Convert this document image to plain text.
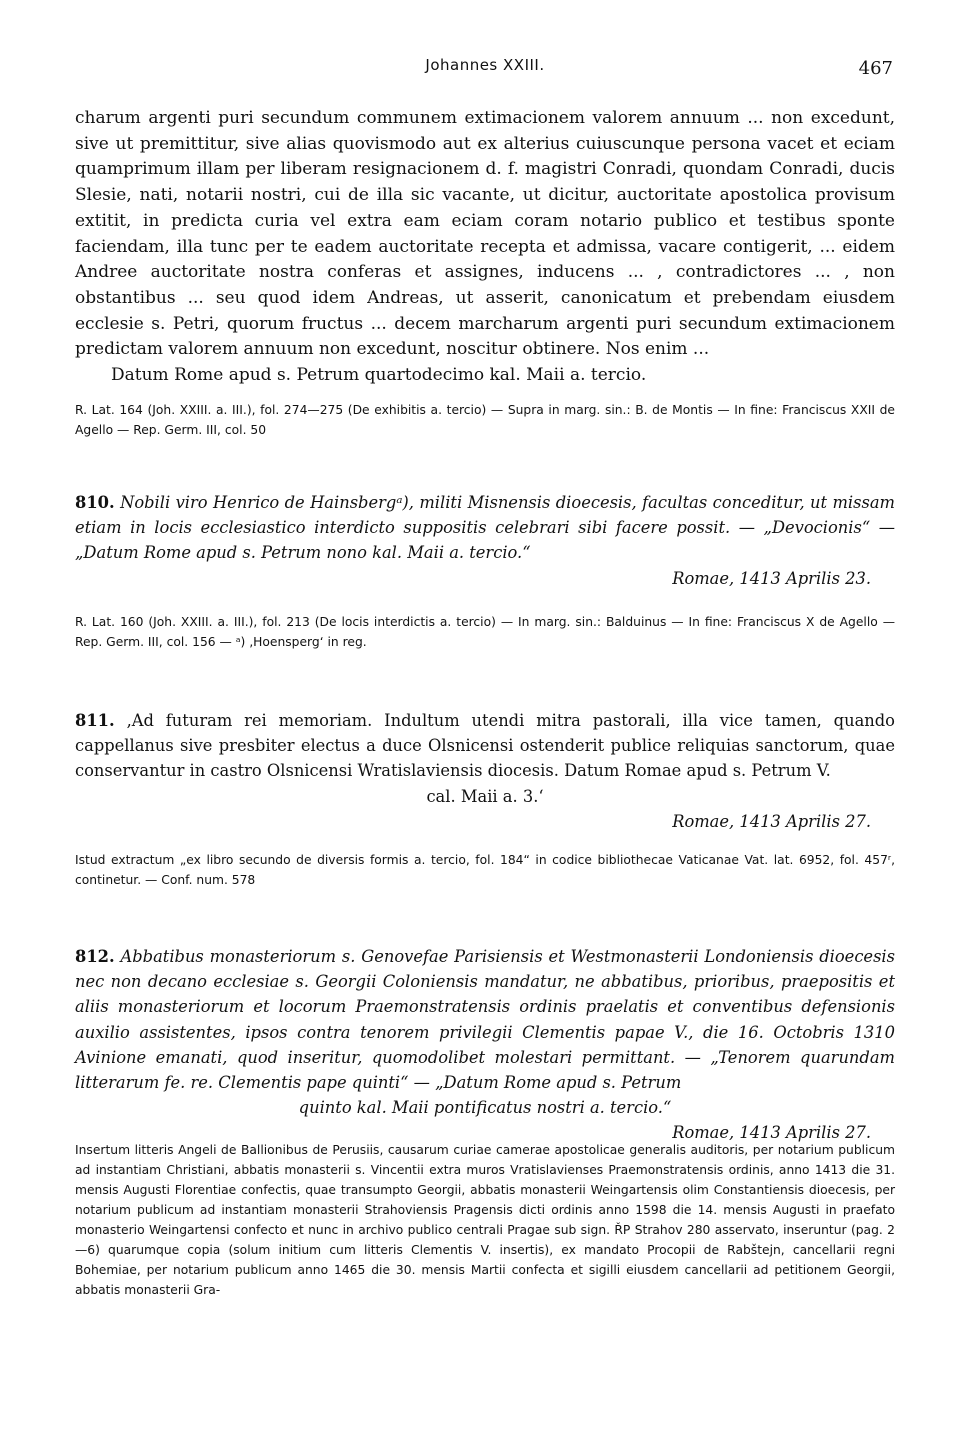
Johannes XXIII.	467

charum argenti puri secundum communem extimacionem valorem annuum ... non excedunt, sive ut premittitur, sive alias quovismodo aut ex alterius cuiuscunque persona vacet et eciam quamprimum illam per liberam resignacionem d. f. magistri Conradi, quondam Conradi, ducis Slesie, nati, notarii nostri, cui de illa sic vacante, ut dicitur, auctoritate apostolica provisum extitit, in predicta curia vel extra eam eciam coram notario publico et testibus sponte faciendam, illa tunc per te eadem auctoritate recepta et admissa, vacare contigerit, ... eidem Andree auctoritate nostra conferas et assignes, inducens ... , contradictores ... , non obstantibus ... seu quod idem Andreas, ut asserit, canonicatum et prebendam eiusdem ecclesie s. Petri, quorum fructus ... decem marcharum argenti puri secundum extimacionem predictam valorem annuum non excedunt, noscitur obtinere. Nos enim ...

Datum Rome apud s. Petrum quartodecimo kal. Maii a. tercio.

R. Lat. 164 (Joh. XXIII. a. III.), fol. 274—275 (De exhibitis a. tercio) — Supra in marg. sin.: B. de Montis — In fine: Franciscus XXII de Agello — Rep. Germ. III, col. 50

810. Nobili viro Henrico de Hainsbergᵃ), militi Misnensis dioecesis, facultas conceditur, ut missam etiam in locis ecclesiastico interdicto suppositis celebrari sibi facere possit. — „Devocionis“ — „Datum Rome apud s. Petrum nono kal. Maii a. tercio.“

Romae, 1413 Aprilis 23.

R. Lat. 160 (Joh. XXIII. a. III.), fol. 213 (De locis interdictis a. tercio) — In marg. sin.: Balduinus — In fine: Franciscus X de Agello — Rep. Germ. III, col. 156 — ᵃ) ‚Hoensperg‘ in reg.

811. ‚Ad futuram rei memoriam. Indultum utendi mitra pastorali, illa vice tamen, quando cappellanus sive presbiter electus a duce Olsnicensi ostenderit publice reliquias sanctorum, quae conservantur in castro Olsnicensi Wratislaviensis diocesis. Datum Romae apud s. Petrum V.

cal. Maii a. 3.‘

Romae, 1413 Aprilis 27.

Istud extractum „ex libro secundo de diversis formis a. tercio, fol. 184“ in codice bibliothecae Vaticanae Vat. lat. 6952, fol. 457ʳ, continetur. — Conf. num. 578

812. Abbatibus monasteriorum s. Genovefae Parisiensis et Westmonasterii Londoniensis dioecesis nec non decano ecclesiae s. Georgii Coloniensis mandatur, ne abbatibus, prioribus, praepositis et aliis monasteriorum et locorum Praemonstratensis ordinis praelatis et conventibus defensionis auxilio assistentes, ipsos contra tenorem privilegii Clementis papae V., die 16. Octobris 1310 Avinione emanati, quod inseritur, quomodolibet molestari permittant. — „Tenorem quarundam litterarum fe. re. Clementis pape quinti“ — „Datum Rome apud s. Petrum

quinto kal. Maii pontificatus nostri a. tercio.“

Romae, 1413 Aprilis 27.

Insertum litteris Angeli de Ballionibus de Perusiis, causarum curiae camerae apostolicae generalis auditoris, per notarium publicum ad instantiam Christiani, abbatis monasterii s. Vincentii extra muros Vratislavienses Praemonstratensis ordinis, anno 1413 die 31. mensis Augusti Florentiae confectis, quae transumpto Georgii, abbatis monasterii Weingartensis olim Constantiensis dioecesis, per notarium publicum ad instantiam monasterii Strahoviensis Pragensis dicti ordinis anno 1598 die 14. mensis Augusti in praefato monasterio Weingartensi confecto et nunc in archivo publico centrali Pragae sub sign. ŘP Strahov 280 asservato, inseruntur (pag. 2—6) quarumque copia (solum initium cum litteris Clementis V. insertis), ex mandato Procopii de Rabštejn, cancellarii regni Bohemiae, per notarium publicum anno 1465 die 30. mensis Martii confecta et sigilli eiusdem cancellarii ad petitionem Georgii, abbatis monasterii Gra-
